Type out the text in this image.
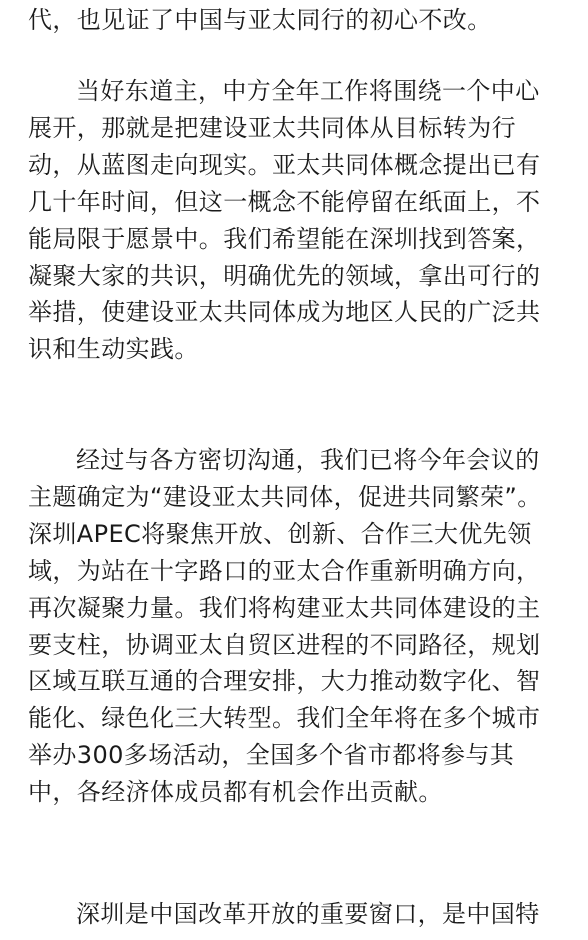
代，也见证了中国与亚太同行的初心不改。

当好东道主，中方全年工作将围绕一个中心
展开，那就是把建设亚太共同体从目标转为行
动，从蓝图走向现实。亚太共同体概念提出已有
几十年时间，但这一概念不能停留在纸面上，不
能局限于愿景中。我们希望能在深圳找到答案，
凝聚大家的共识，明确优先的领域，拿出可行的
举措，使建设亚太共同体成为地区人民的广泛共
识和生动实践。

经过与各方密切沟通，我们已将今年会议的
主题确定为“建设亚太共同体，促进共同繁荣”。
深圳APEC将聚焦开放、创新、合作三大优先领
域，为站在十字路口的亚太合作重新明确方向，
再次凝聚力量。我们将构建亚太共同体建设的主
要支柱，协调亚太自贸区进程的不同路径，规划
区域互联互通的合理安排，大力推动数字化、智
能化、绿色化三大转型。我们全年将在多个城市
举办300多场活动，全国多个省市都将参与其
中，各经济体成员都有机会作出贡献。

深圳是中国改革开放的重要窗口，是中国特
